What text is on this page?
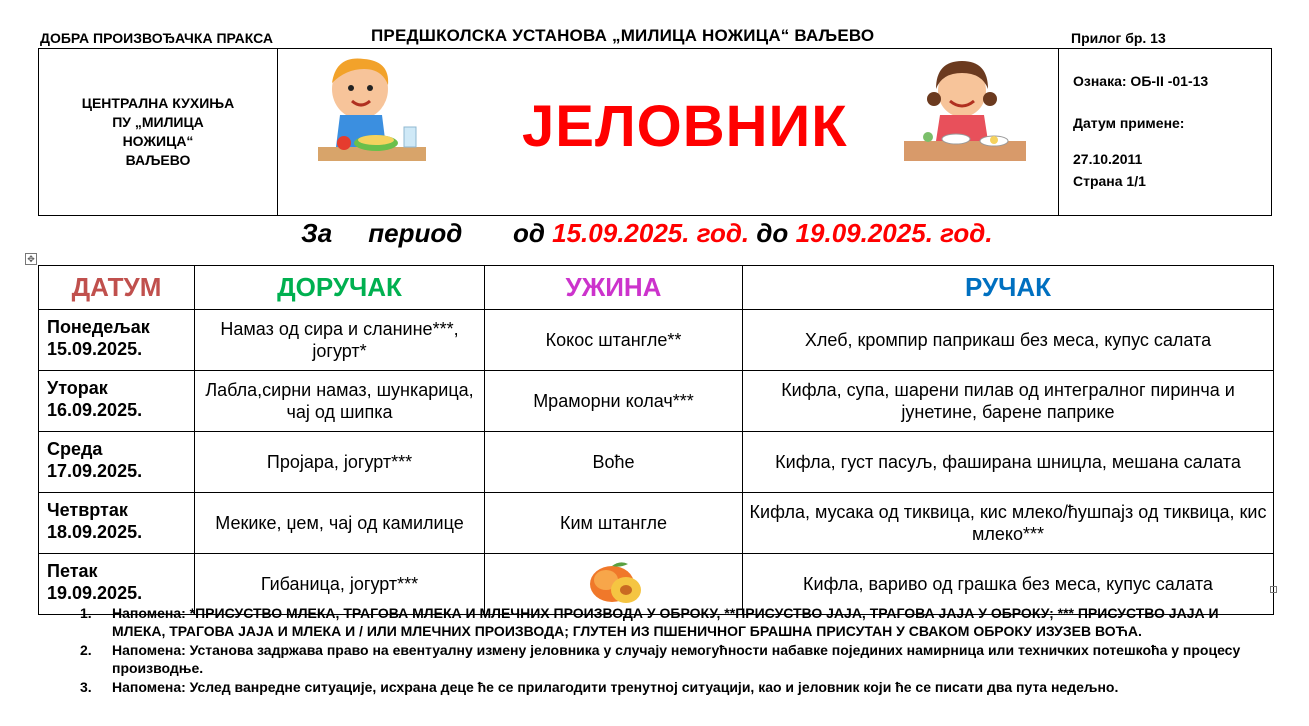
ДОБРА ПРОИЗВОЂАЧКА ПРАКСА	ПРЕДШКОЛСКА УСТАНОВА „МИЛИЦА НОЖИЦА“ ВАЉЕВО	Прилог бр. 13
ЦЕНТРАЛНА КУХИЊА
ПУ „МИЛИЦА
НОЖИЦА“
ВАЉЕВО
ЈЕЛОВНИК
Ознака: ОБ-II -01-13
Датум примене:
27.10.2011
Страна 1/1
За период од 15.09.2025. год. до 19.09.2025. год.
✥
ДАТУМ	ДОРУЧАК	УЖИНА	РУЧАК

Понедељак
15.09.2025.	Намаз од сира и сланине***, јогурт*	Кокос штангле**	Хлеб, кромпир паприкаш без меса, купус салата

Уторак
16.09.2025.	Лабла,сирни намаз, шункарица, чај од шипка	Мраморни колач***	Кифла, супа, шарени пилав од интегралног пиринча и јунетине, барене паприке

Среда
17.09.2025.	Пројара, јогурт***	Воће	Кифла, густ пасуљ, фаширана шницла, мешана салата

Четвртак
18.09.2025.	Мекике, џем, чај од камилице	Ким штангле	Кифла, мусака од тиквица, кис млеко/ћушпајз од тиквица, кис млеко***

Петак
19.09.2025.	Гибаница, јогурт***		Кифла, вариво од грашка без меса, купус салата
1. Напомена: *ПРИСУСТВО МЛЕКА, ТРАГОВА МЛЕКА И МЛЕЧНИХ ПРОИЗВОДА У ОБРОКУ, **ПРИСУСТВО ЈАЈА, ТРАГОВА ЈАЈА У ОБРОКУ; *** ПРИСУСТВО ЈАЈА И МЛЕКА, ТРАГОВА ЈАЈА И МЛЕКА И / ИЛИ МЛЕЧНИХ ПРОИЗВОДА; ГЛУТЕН ИЗ ПШЕНИЧНОГ БРАШНА ПРИСУТАН У СВАКОМ ОБРОКУ ИЗУЗЕВ ВОЋА.
2. Напомена: Установа задржава право на евентуалну измену јеловника у случају немогућности набавке појединих намирница или техничких потешкоћа у процесу производње.
3. Напомена: Услед ванредне ситуације, исхрана деце ће се прилагодити тренутној ситуацији, као и јеловник који ће се писати два пута недељно.
